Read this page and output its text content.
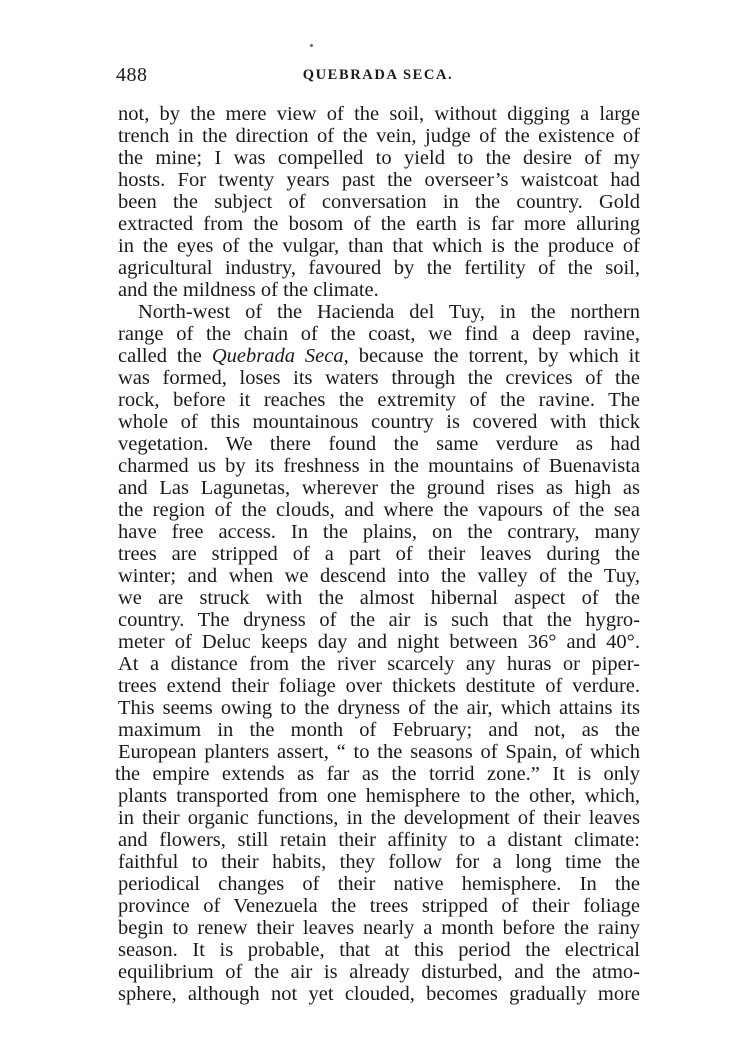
488	QUEBRADA SECA.
not, by the mere view of the soil, without digging a large
trench in the direction of the vein, judge of the existence of
the mine; I was compelled to yield to the desire of my
hosts. For twenty years past the overseer’s waistcoat had
been the subject of conversation in the country. Gold
extracted from the bosom of the earth is far more alluring
in the eyes of the vulgar, than that which is the produce of
agricultural industry, favoured by the fertility of the soil,
and the mildness of the climate.
North-west of the Hacienda del Tuy, in the northern
range of the chain of the coast, we find a deep ravine,
called the Quebrada Seca, because the torrent, by which it
was formed, loses its waters through the crevices of the
rock, before it reaches the extremity of the ravine. The
whole of this mountainous country is covered with thick
vegetation. We there found the same verdure as had
charmed us by its freshness in the mountains of Buenavista
and Las Lagunetas, wherever the ground rises as high as
the region of the clouds, and where the vapours of the sea
have free access. In the plains, on the contrary, many
trees are stripped of a part of their leaves during the
winter; and when we descend into the valley of the Tuy,
we are struck with the almost hibernal aspect of the
country. The dryness of the air is such that the hygro-
meter of Deluc keeps day and night between 36° and 40°.
At a distance from the river scarcely any huras or piper-
trees extend their foliage over thickets destitute of verdure.
This seems owing to the dryness of the air, which attains its
maximum in the month of February; and not, as the
European planters assert, “ to the seasons of Spain, of which
the empire extends as far as the torrid zone.” It is only
plants transported from one hemisphere to the other, which,
in their organic functions, in the development of their leaves
and flowers, still retain their affinity to a distant climate:
faithful to their habits, they follow for a long time the
periodical changes of their native hemisphere. In the
province of Venezuela the trees stripped of their foliage
begin to renew their leaves nearly a month before the rainy
season. It is probable, that at this period the electrical
equilibrium of the air is already disturbed, and the atmo-
sphere, although not yet clouded, becomes gradually more
